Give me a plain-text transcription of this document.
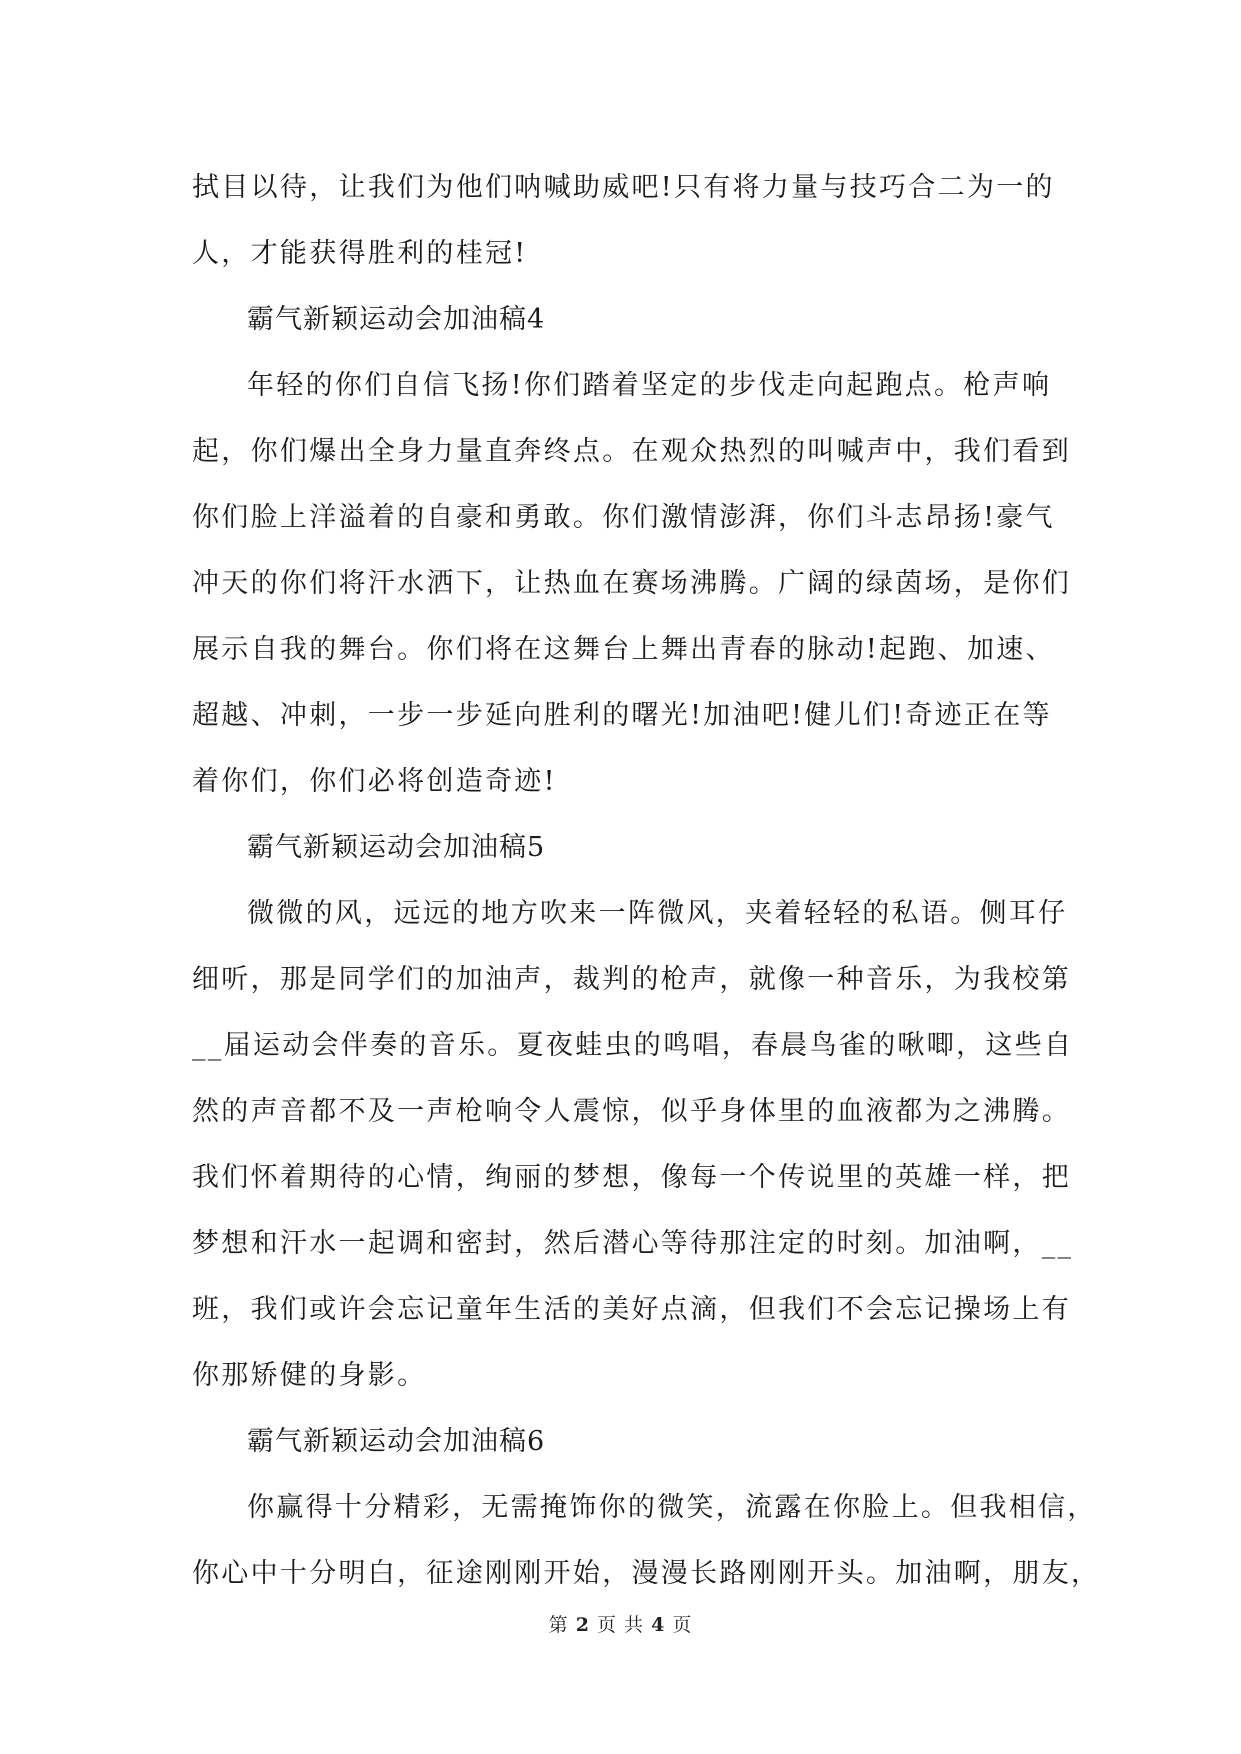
拭目以待，让我们为他们呐喊助威吧!只有将力量与技巧合二为一的
人，才能获得胜利的桂冠!
霸气新颖运动会加油稿4
年轻的你们自信飞扬!你们踏着坚定的步伐走向起跑点。枪声响
起，你们爆出全身力量直奔终点。在观众热烈的叫喊声中，我们看到
你们脸上洋溢着的自豪和勇敢。你们激情澎湃，你们斗志昂扬!豪气
冲天的你们将汗水洒下，让热血在赛场沸腾。广阔的绿茵场，是你们
展示自我的舞台。你们将在这舞台上舞出青春的脉动!起跑、加速、
超越、冲刺，一步一步延向胜利的曙光!加油吧!健儿们!奇迹正在等
着你们，你们必将创造奇迹!
霸气新颖运动会加油稿5
微微的风，远远的地方吹来一阵微风，夹着轻轻的私语。侧耳仔
细听，那是同学们的加油声，裁判的枪声，就像一种音乐，为我校第
__届运动会伴奏的音乐。夏夜蛙虫的鸣唱，春晨鸟雀的啾唧，这些自
然的声音都不及一声枪响令人震惊，似乎身体里的血液都为之沸腾。
我们怀着期待的心情，绚丽的梦想，像每一个传说里的英雄一样，把
梦想和汗水一起调和密封，然后潜心等待那注定的时刻。加油啊，__
班，我们或许会忘记童年生活的美好点滴，但我们不会忘记操场上有
你那矫健的身影。
霸气新颖运动会加油稿6
你赢得十分精彩，无需掩饰你的微笑，流露在你脸上。但我相信，
你心中十分明白，征途刚刚开始，漫漫长路刚刚开头。加油啊，朋友，
第 2 页 共 4 页
